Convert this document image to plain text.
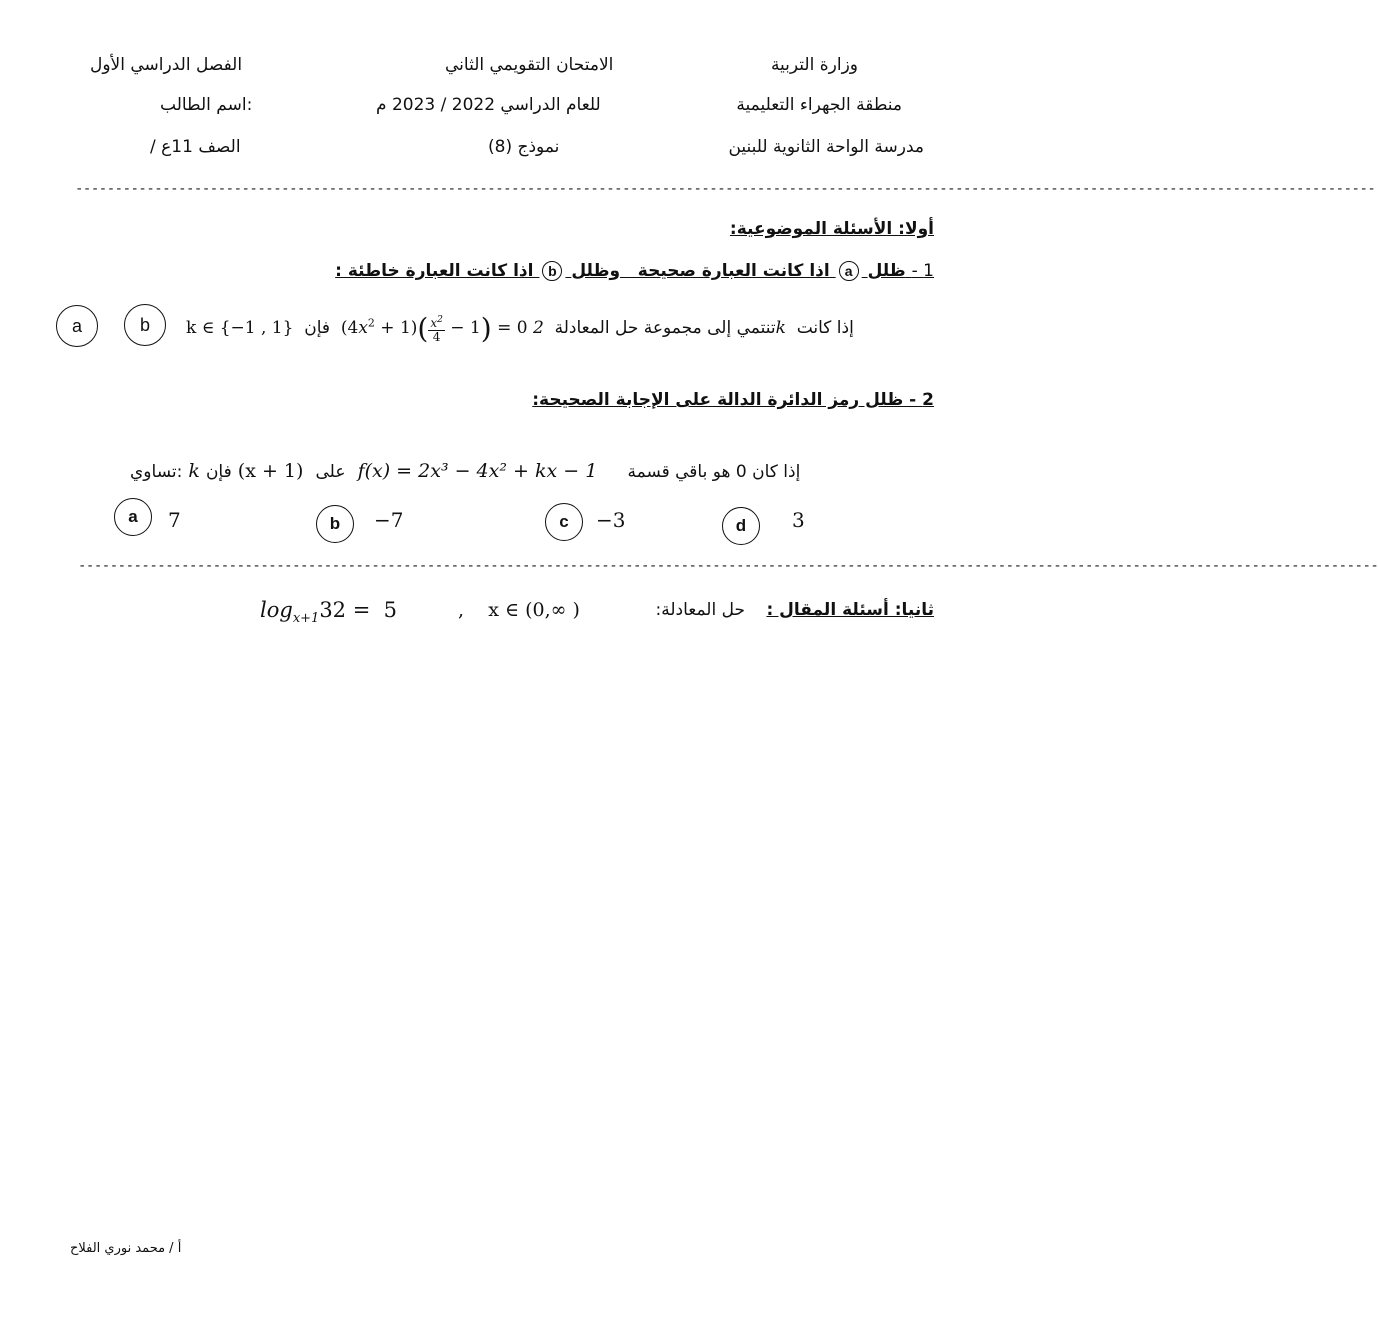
وزارة التربية
الامتحان التقويمي الثاني
الفصل الدراسي الأول
منطقة الجهراء التعليمية
للعام الدراسي 2022 / 2023 م
اسم الطالب:
مدرسة الواحة الثانوية للبنين
نموذج (8)
الصف 11ع /
--------------------------------------------------------------------------------------------------------------------------------------------------------------------
أولا: الأسئلة الموضوعية:
1 - ظلل a اذا كانت العبارة صحيحة   وظلل b اذا كانت العبارة خاطئة :
k ∈ {−1 , 1} فإن $(4x^2 + 1)( \frac{x^2}{4} - 1) = 0$ تنتمي إلى مجموعة حل المعادلة  2k إذا كانت
a	b
2 - ظلل رمز الدائرة الدالة على الإجابة الصحيحة:
تساوي: k فإن (x + 1) على f(x) = 2x³ − 4x² + kx − 1 إذا كان 0 هو باقي قسمة
a	7	b	−7	c	−3	d	3
--------------------------------------------------------------------------------------------------------------------------------------------------------------------
ثانيا: أسئلة المقال :
حل المعادلة:
, x ∈ (0,∞ )
$\log_{x+1}32 = 5$
أ / محمد نوري الفلاح
